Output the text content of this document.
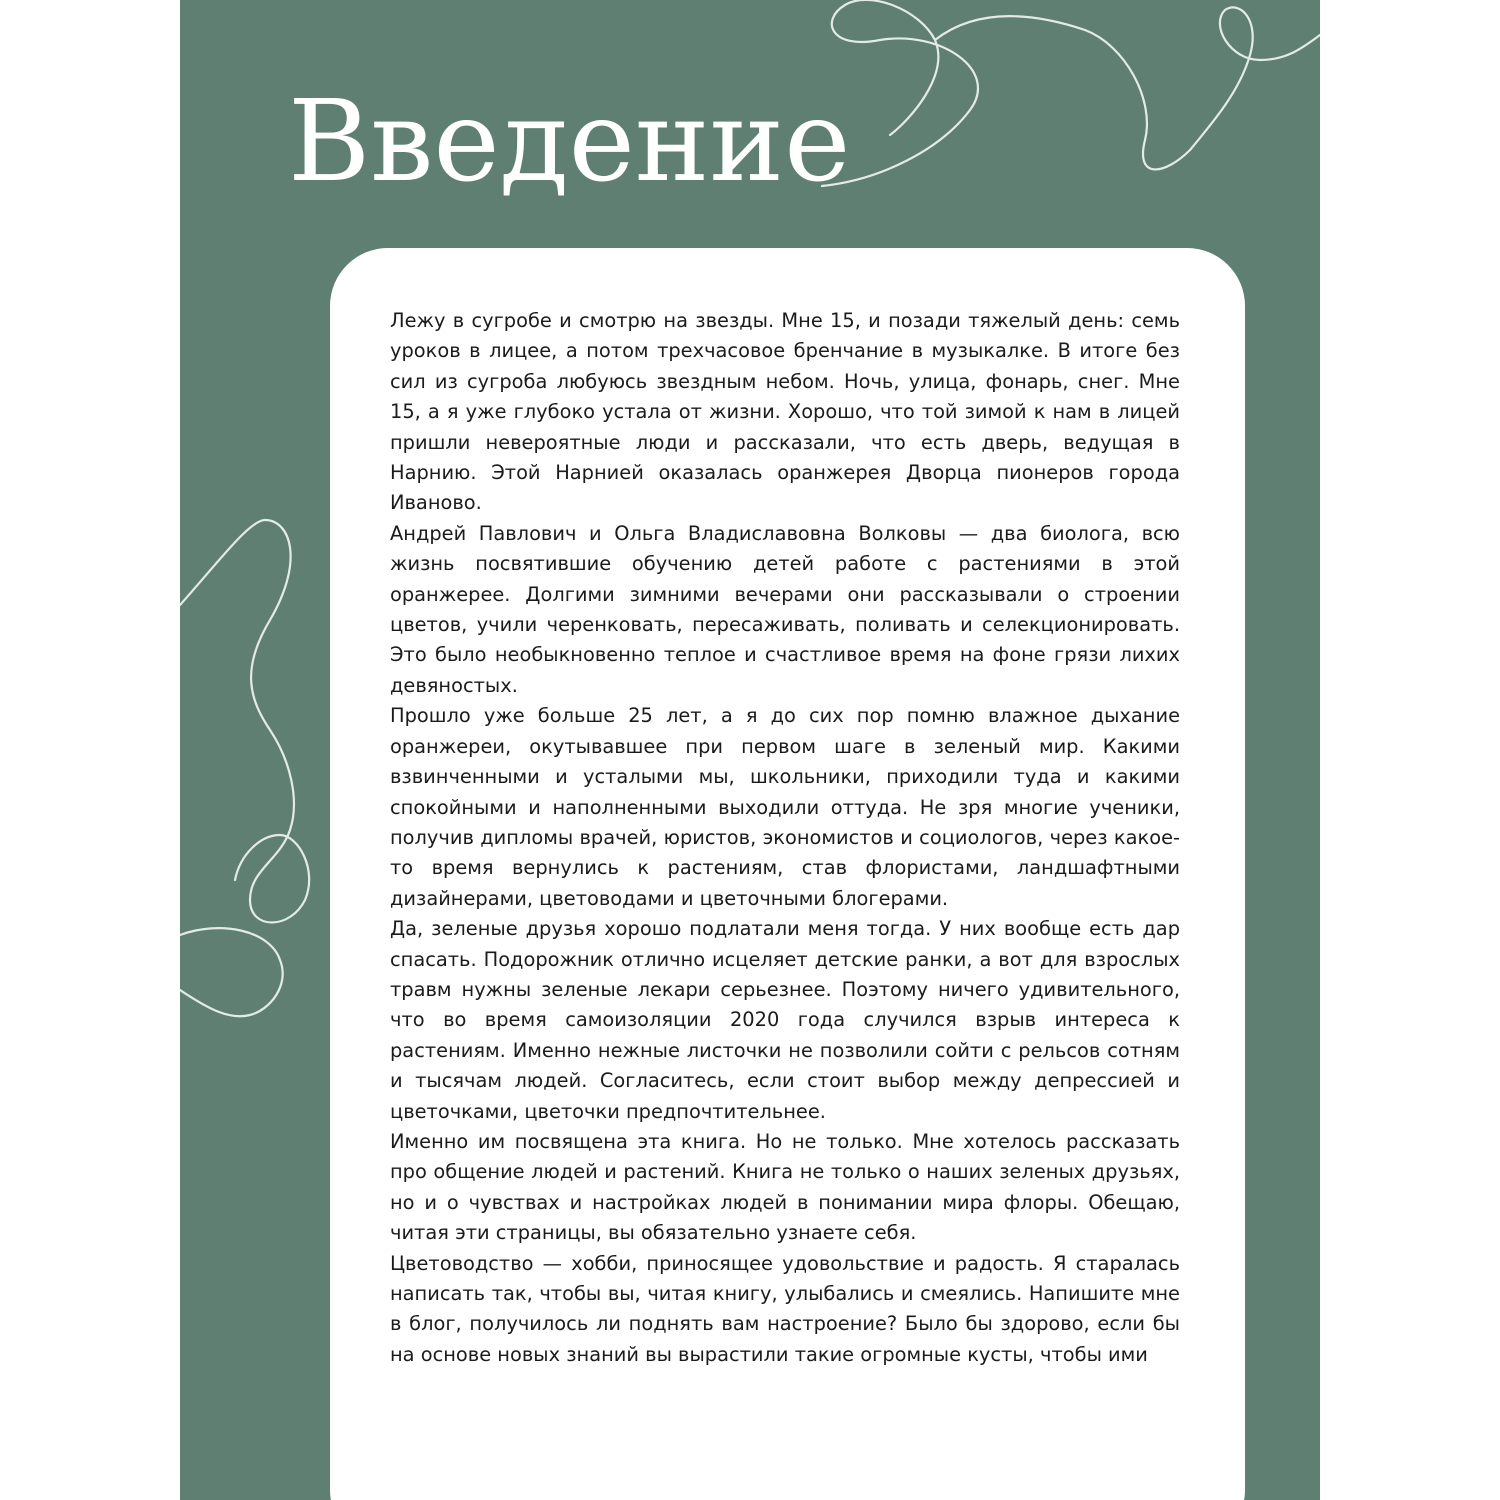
Введение

Лежу в сугробе и смотрю на звезды. Мне 15, и позади тяжелый день: семь уроков в лицее, а потом трехчасовое бренчание в музыкалке. В итоге без сил из сугроба любуюсь звездным небом. Ночь, улица, фонарь, снег. Мне 15, а я уже глубоко устала от жизни. Хорошо, что той зимой к нам в лицей пришли невероятные люди и рассказали, что есть дверь, ведущая в Нарнию. Этой Нарнией оказалась оранжерея Дворца пионеров города Иваново.

Андрей Павлович и Ольга Владиславовна Волковы — два биолога, всю жизнь посвятившие обучению детей работе с растениями в этой оранжерее. Долгими зимними вечерами они рассказывали о строении цветов, учили черенковать, пересаживать, поливать и селекционировать. Это было необыкновенно теплое и счастливое время на фоне грязи лихих девяностых.

Прошло уже больше 25 лет, а я до сих пор помню влажное дыхание оранжереи, окутывавшее при первом шаге в зеленый мир. Какими взвинченными и усталыми мы, школьники, приходили туда и какими спокойными и наполненными выходили оттуда. Не зря многие ученики, получив дипломы врачей, юристов, экономистов и социологов, через какое-то время вернулись к растениям, став флористами, ландшафтными дизайнерами, цветоводами и цветочными блогерами.

Да, зеленые друзья хорошо подлатали меня тогда. У них вообще есть дар спасать. Подорожник отлично исцеляет детские ранки, а вот для взрослых травм нужны зеленые лекари серьезнее. Поэтому ничего удивительного, что во время самоизоляции 2020 года случился взрыв интереса к растениям. Именно нежные листочки не позволили сойти с рельсов сотням и тысячам людей. Согласитесь, если стоит выбор между депрессией и цветочками, цветочки предпочтительнее.

Именно им посвящена эта книга. Но не только. Мне хотелось рассказать про общение людей и растений. Книга не только о наших зеленых друзьях, но и о чувствах и настройках людей в понимании мира флоры. Обещаю, читая эти страницы, вы обязательно узнаете себя.

Цветоводство — хобби, приносящее удовольствие и радость. Я старалась написать так, чтобы вы, читая книгу, улыбались и смеялись. Напишите мне в блог, получилось ли поднять вам настроение? Было бы здорово, если бы на основе новых знаний вы вырастили такие огромные кусты, чтобы ими
